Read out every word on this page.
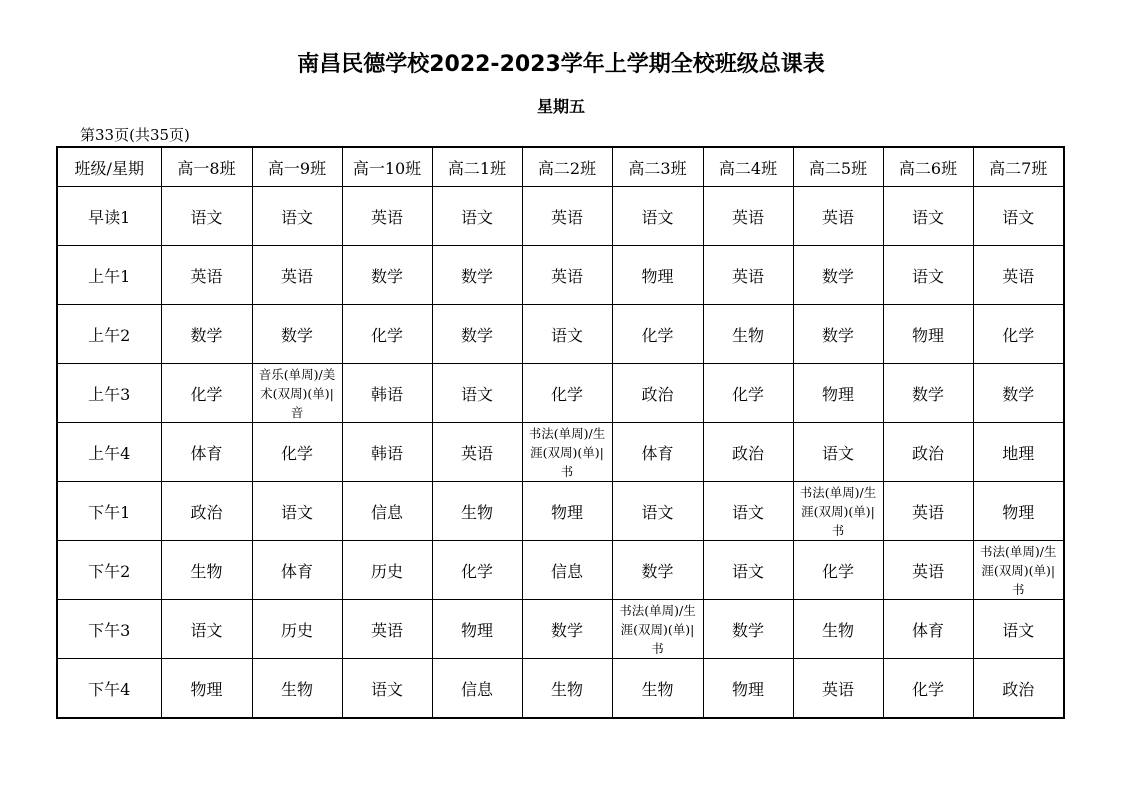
南昌民德学校2022-2023学年上学期全校班级总课表
星期五
第33页(共35页)
班级/星期	高一8班	高一9班	高一10班	高二1班	高二2班	高二3班	高二4班	高二5班	高二6班	高二7班
早读1	语文	语文	英语	语文	英语	语文	英语	英语	语文	语文
上午1	英语	英语	数学	数学	英语	物理	英语	数学	语文	英语
上午2	数学	数学	化学	数学	语文	化学	生物	数学	物理	化学
上午3	化学	音乐(单周)/美术(双周)(单)|音	韩语	语文	化学	政治	化学	物理	数学	数学
上午4	体育	化学	韩语	英语	书法(单周)/生涯(双周)(单)|书	体育	政治	语文	政治	地理
下午1	政治	语文	信息	生物	物理	语文	语文	书法(单周)/生涯(双周)(单)|书	英语	物理
下午2	生物	体育	历史	化学	信息	数学	语文	化学	英语	书法(单周)/生涯(双周)(单)|书

下午3	语文	历史	英语	物理	数学	书法(单周)/生涯(双周)(单)|书	数学	生物	体育	语文
下午4	物理	生物	语文	信息	生物	生物	物理	英语	化学	政治
